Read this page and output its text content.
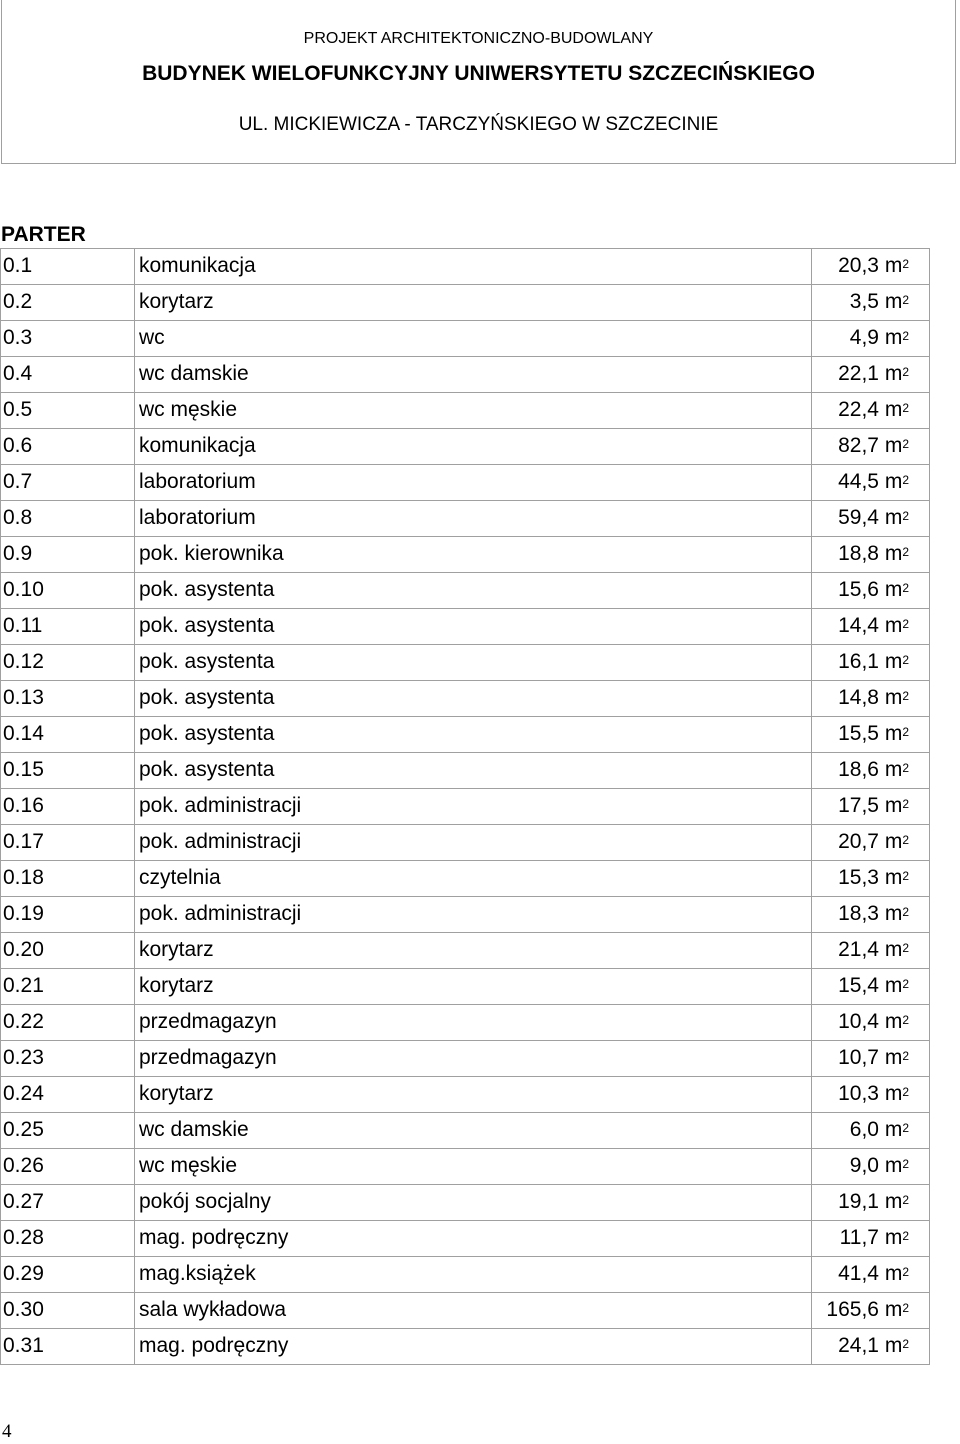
PROJEKT ARCHITEKTONICZNO-BUDOWLANY
BUDYNEK WIELOFUNKCYJNY UNIWERSYTETU SZCZECIŃSKIEGO
UL. MICKIEWICZA - TARCZYŃSKIEGO W SZCZECINIE
PARTER
0.1	komunikacja	20,3 $m^2$
0.2	korytarz	3,5 $m^2$
0.3	wc	4,9 $m^2$
0.4	wc damskie	22,1 $m^2$
0.5	wc męskie	22,4 $m^2$
0.6	komunikacja	82,7 $m^2$
0.7	laboratorium	44,5 $m^2$
0.8	laboratorium	59,4 $m^2$
0.9	pok. kierownika	18,8 $m^2$
0.10	pok. asystenta	15,6 $m^2$
0.11	pok. asystenta	14,4 $m^2$
0.12	pok. asystenta	16,1 $m^2$
0.13	pok. asystenta	14,8 $m^2$
0.14	pok. asystenta	15,5 $m^2$
0.15	pok. asystenta	18,6 $m^2$
0.16	pok. administracji	17,5 $m^2$
0.17	pok. administracji	20,7 $m^2$
0.18	czytelnia	15,3 $m^2$
0.19	pok. administracji	18,3 $m^2$
0.20	korytarz	21,4 $m^2$
0.21	korytarz	15,4 $m^2$
0.22	przedmagazyn	10,4 $m^2$
0.23	przedmagazyn	10,7 $m^2$
0.24	korytarz	10,3 $m^2$
0.25	wc damskie	6,0 $m^2$
0.26	wc męskie	9,0 $m^2$
0.27	pokój socjalny	19,1 $m^2$
0.28	mag. podręczny	11,7 $m^2$
0.29	mag.książek	41,4 $m^2$
0.30	sala wykładowa	165,6 $m^2$
0.31	mag. podręczny	24,1 $m^2$
4
